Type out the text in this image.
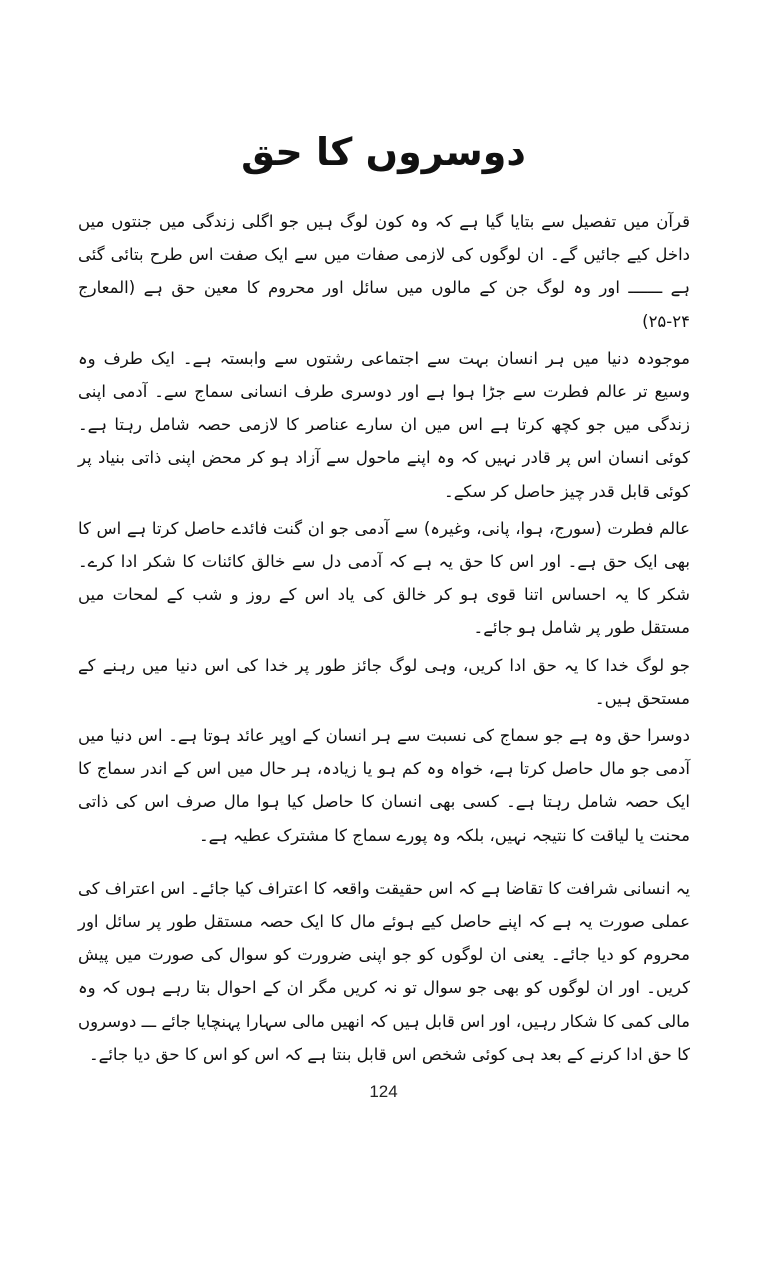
دوسروں کا حق

قرآن میں تفصیل سے بتایا گیا ہے کہ وہ کون لوگ ہیں جو اگلی زندگی میں جنتوں میں داخل کیے جائیں گے۔ ان لوگوں کی لازمی صفات میں سے ایک صفت اس طرح بتائی گئی ہے ـــــــ اور وہ لوگ جن کے مالوں میں سائل اور محروم کا معین حق ہے (المعارج ۲۴-۲۵)

موجودہ دنیا میں ہر انسان بہت سے اجتماعی رشتوں سے وابستہ ہے۔ ایک طرف وہ وسیع تر عالم فطرت سے جڑا ہوا ہے اور دوسری طرف انسانی سماج سے۔ آدمی اپنی زندگی میں جو کچھ کرتا ہے اس میں ان سارے عناصر کا لازمی حصہ شامل رہتا ہے۔ کوئی انسان اس پر قادر نہیں کہ وہ اپنے ماحول سے آزاد ہو کر محض اپنی ذاتی بنیاد پر کوئی قابل قدر چیز حاصل کر سکے۔

عالم فطرت (سورج، ہوا، پانی، وغیرہ) سے آدمی جو ان گنت فائدے حاصل کرتا ہے اس کا بھی ایک حق ہے۔ اور اس کا حق یہ ہے کہ آدمی دل سے خالق کائنات کا شکر ادا کرے۔ شکر کا یہ احساس اتنا قوی ہو کر خالق کی یاد اس کے روز و شب کے لمحات میں مستقل طور پر شامل ہو جائے۔

جو لوگ خدا کا یہ حق ادا کریں، وہی لوگ جائز طور پر خدا کی اس دنیا میں رہنے کے مستحق ہیں۔

دوسرا حق وہ ہے جو سماج کی نسبت سے ہر انسان کے اوپر عائد ہوتا ہے۔ اس دنیا میں آدمی جو مال حاصل کرتا ہے، خواہ وہ کم ہو یا زیادہ، ہر حال میں اس کے اندر سماج کا ایک حصہ شامل رہتا ہے۔ کسی بھی انسان کا حاصل کیا ہوا مال صرف اس کی ذاتی محنت یا لیاقت کا نتیجہ نہیں، بلکہ وہ پورے سماج کا مشترک عطیہ ہے۔

یہ انسانی شرافت کا تقاضا ہے کہ اس حقیقت واقعہ کا اعتراف کیا جائے۔ اس اعتراف کی عملی صورت یہ ہے کہ اپنے حاصل کیے ہوئے مال کا ایک حصہ مستقل طور پر سائل اور محروم کو دیا جائے۔ یعنی ان لوگوں کو جو اپنی ضرورت کو سوال کی صورت میں پیش کریں۔ اور ان لوگوں کو بھی جو سوال تو نہ کریں مگر ان کے احوال بتا رہے ہوں کہ وہ مالی کمی کا شکار رہیں، اور اس قابل ہیں کہ انھیں مالی سہارا پہنچایا جائے ـــ دوسروں کا حق ادا کرنے کے بعد ہی کوئی شخص اس قابل بنتا ہے کہ اس کو اس کا حق دیا جائے۔

124
